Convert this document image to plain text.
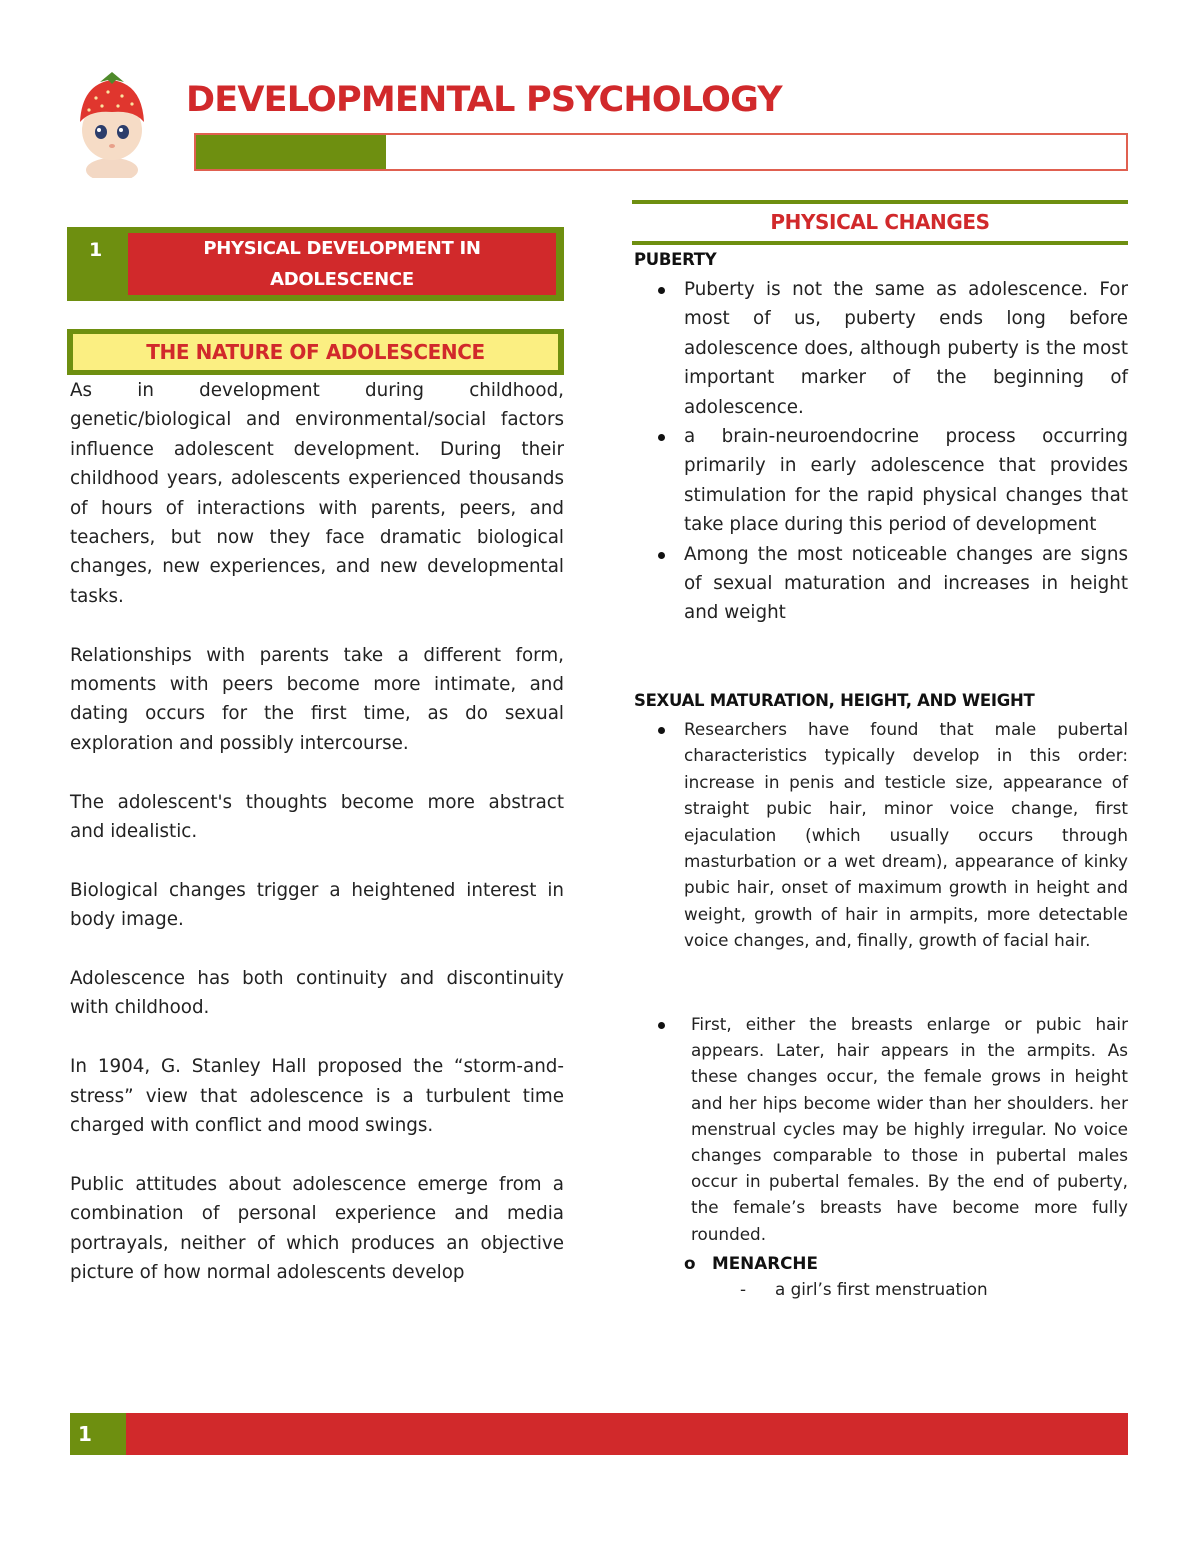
DEVELOPMENTAL PSYCHOLOGY
1	PHYSICAL DEVELOPMENT IN
ADOLESCENCE
THE NATURE OF ADOLESCENCE

As in development during childhood, genetic/biological and environmental/social factors influence adolescent development. During their childhood years, adolescents experienced thousands of hours of interactions with parents, peers, and teachers, but now they face dramatic biological changes, new experiences, and new developmental tasks.

Relationships with parents take a different form, moments with peers become more intimate, and dating occurs for the first time, as do sexual exploration and possibly intercourse.

The adolescent's thoughts become more abstract and idealistic.

Biological changes trigger a heightened interest in body image.

Adolescence has both continuity and discontinuity with childhood.

In 1904, G. Stanley Hall proposed the “storm-and-stress” view that adolescence is a turbulent time charged with conflict and mood swings.

Public attitudes about adolescence emerge from a combination of personal experience and media portrayals, neither of which produces an objective picture of how normal adolescents develop

PHYSICAL CHANGES
PUBERTY
Puberty is not the same as adolescence. For most of us, puberty ends long before adolescence does, although puberty is the most important marker of the beginning of adolescence.
a brain-neuroendocrine process occurring primarily in early adolescence that provides stimulation for the rapid physical changes that take place during this period of development
Among the most noticeable changes are signs of sexual maturation and increases in height and weight
SEXUAL MATURATION, HEIGHT, AND WEIGHT
Researchers have found that male pubertal characteristics typically develop in this order: increase in penis and testicle size, appearance of straight pubic hair, minor voice change, first ejaculation (which usually occurs through masturbation or a wet dream), appearance of kinky pubic hair, onset of maximum growth in height and weight, growth of hair in armpits, more detectable voice changes, and, finally, growth of facial hair.
First, either the breasts enlarge or pubic hair appears. Later, hair appears in the armpits. As these changes occur, the female grows in height and her hips become wider than her shoulders. her menstrual cycles may be highly irregular. No voice changes comparable to those in pubertal males occur in pubertal females. By the end of puberty, the female’s breasts have become more fully rounded.
o MENARCHE
- a girl’s first menstruation
1
